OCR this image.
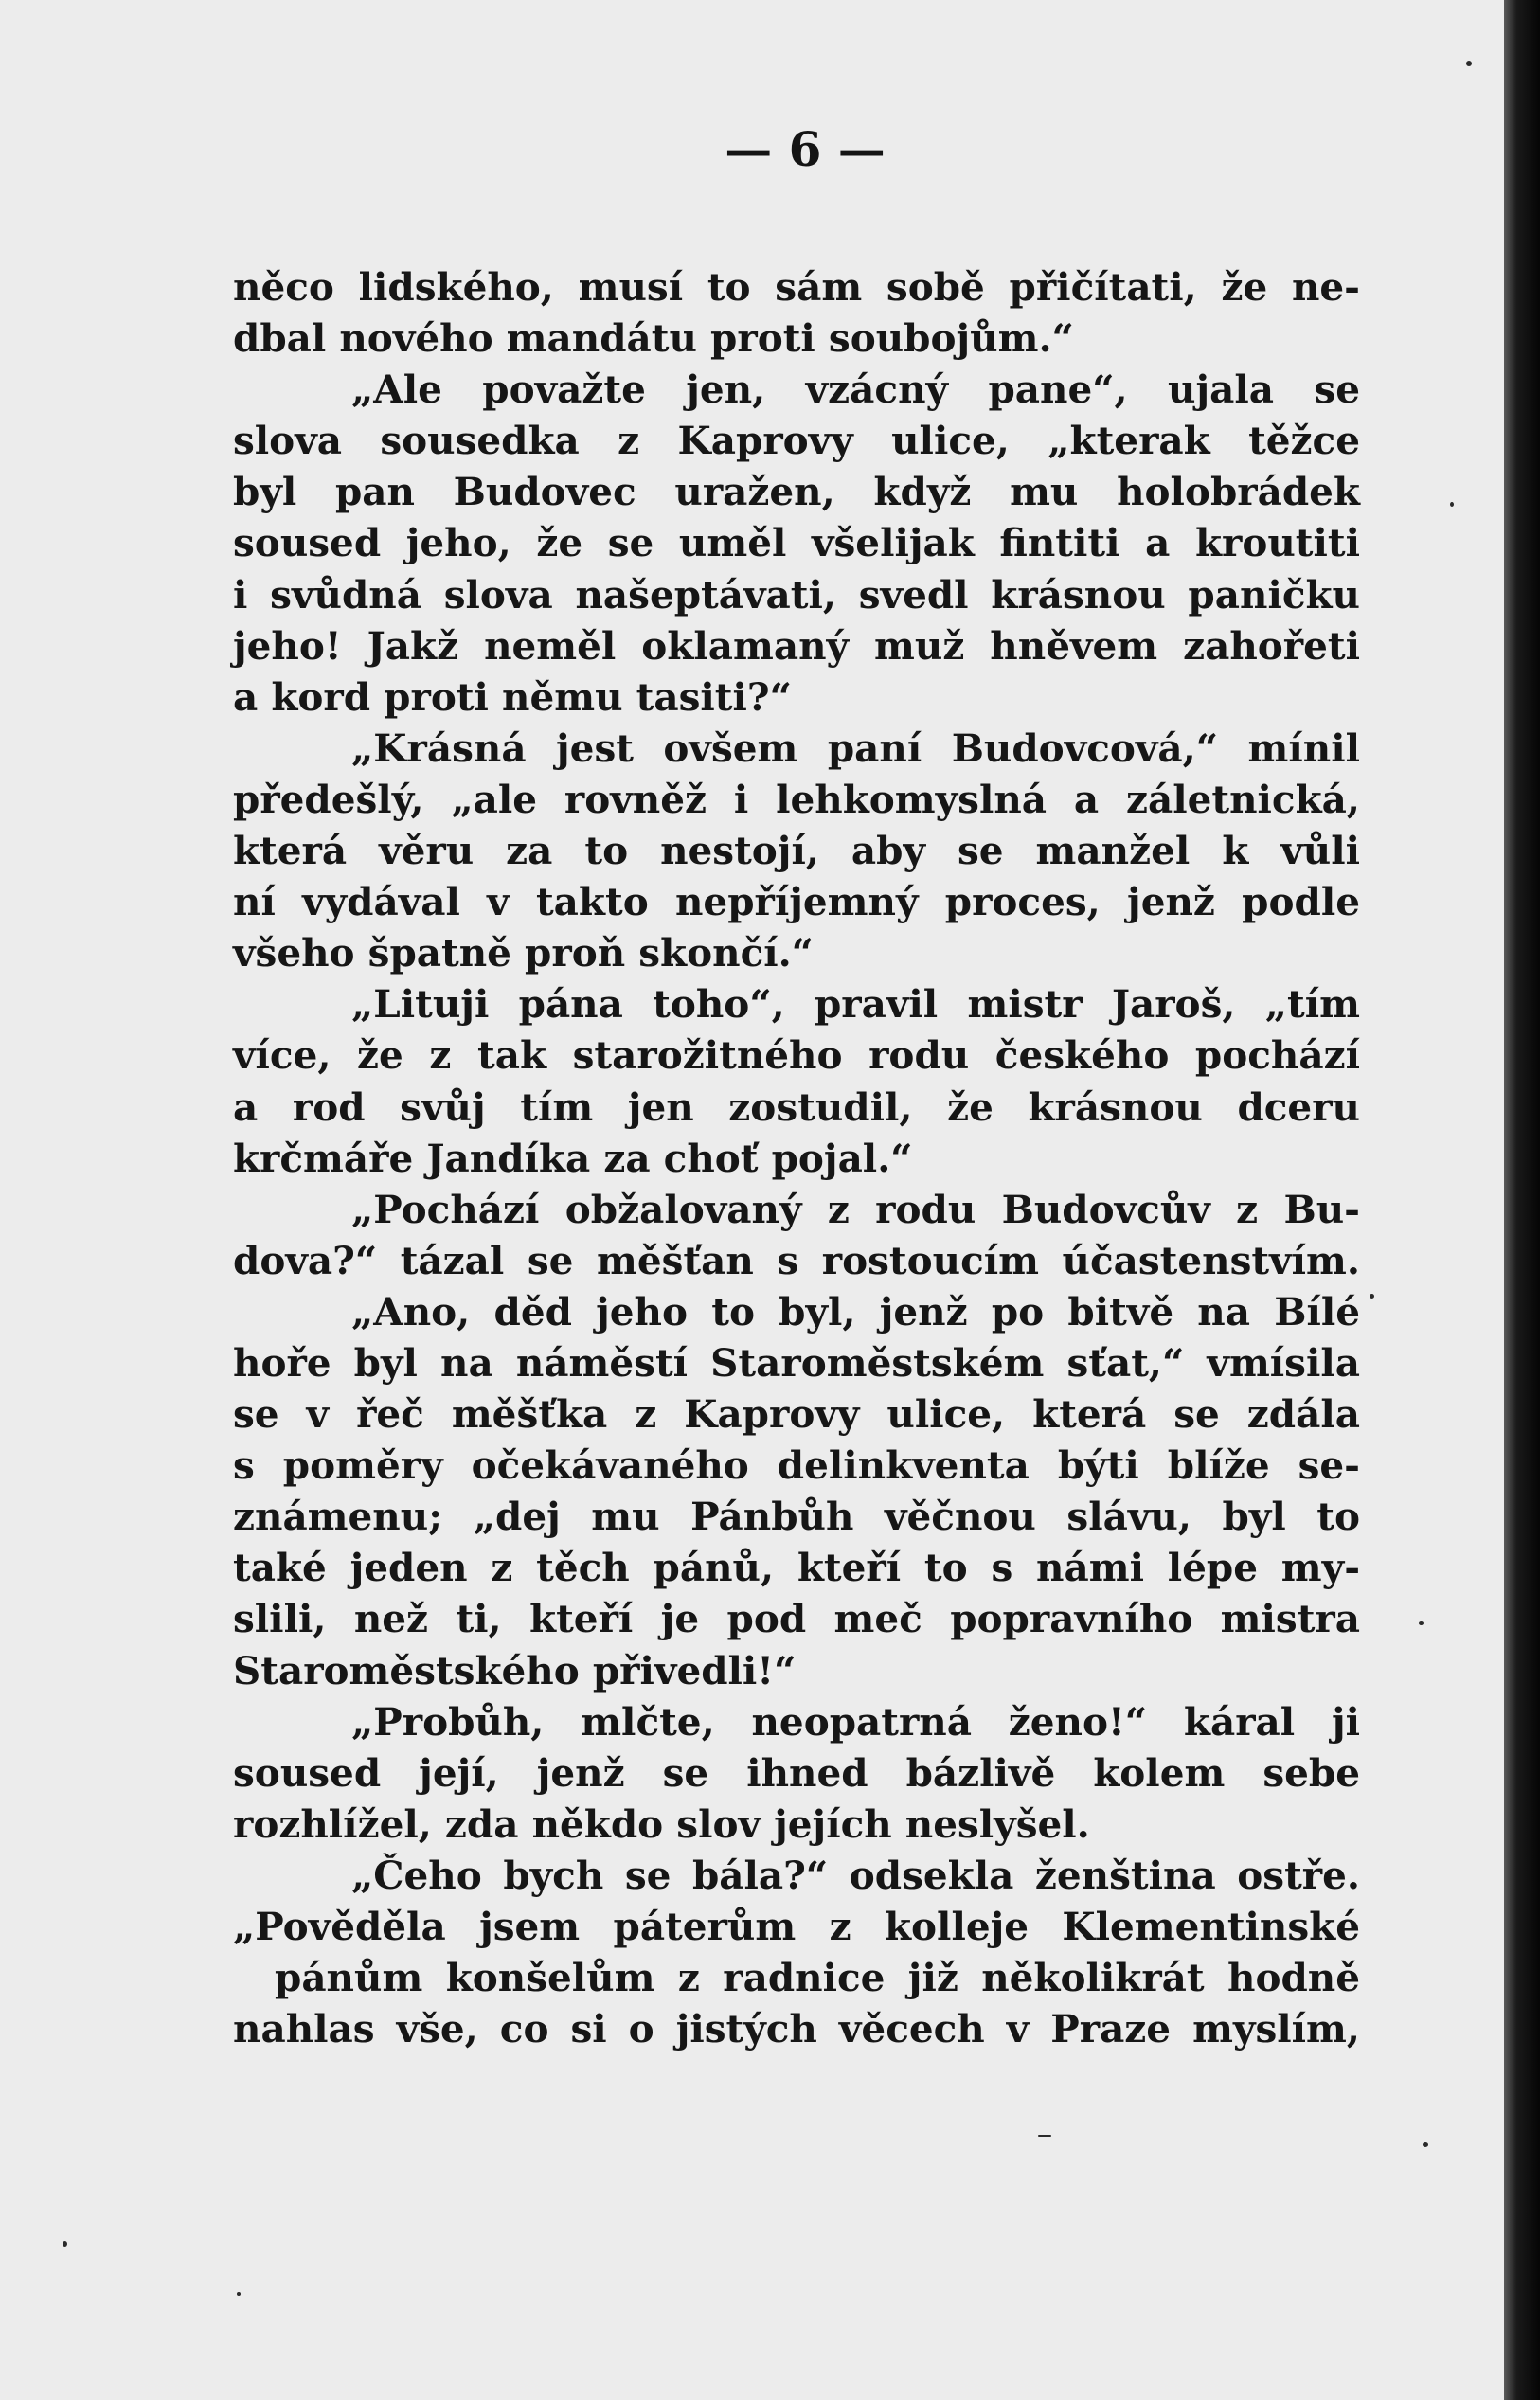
— 6 —
něco lidského, musí to sám sobě přičítati, že ne-
dbal nového mandátu proti soubojům.“
„Ale považte jen, vzácný pane“, ujala se
slova sousedka z Kaprovy ulice, „kterak těžce
byl pan Budovec uražen, když mu holobrádek
soused jeho, že se uměl všelijak fintiti a kroutiti
i svůdná slova našeptávati, svedl krásnou paničku
jeho! Jakž neměl oklamaný muž hněvem zahořeti
a kord proti němu tasiti?“
„Krásná jest ovšem paní Budovcová,“ mínil
předešlý, „ale rovněž i lehkomyslná a záletnická,
která věru za to nestojí, aby se manžel k vůli
ní vydával v takto nepříjemný proces, jenž podle
všeho špatně proň skončí.“
„Lituji pána toho“, pravil mistr Jaroš, „tím
více, že z tak starožitného rodu českého pochází
a rod svůj tím jen zostudil, že krásnou dceru
krčmáře Jandíka za choť pojal.“
„Pochází obžalovaný z rodu Budovcův z Bu-
dova?“ tázal se měšťan s rostoucím účastenstvím.
„Ano, děd jeho to byl, jenž po bitvě na Bílé
hoře byl na náměstí Staroměstském sťat,“ vmísila
se v řeč měšťka z Kaprovy ulice, která se zdála
s poměry očekávaného delinkventa býti blíže se-
známenu; „dej mu Pánbůh věčnou slávu, byl to
také jeden z těch pánů, kteří to s námi lépe my-
slili, než ti, kteří je pod meč popravního mistra
Staroměstského přivedli!“
„Probůh, mlčte, neopatrná ženo!“ káral ji
soused její, jenž se ihned bázlivě kolem sebe
rozhlížel, zda někdo slov jejích neslyšel.
„Čeho bych se bála?“ odsekla ženština ostře.
„Pověděla jsem páterům z kolleje Klementinské
pánům konšelům z radnice již několikrát hodně
nahlas vše, co si o jistých věcech v Praze myslím,
